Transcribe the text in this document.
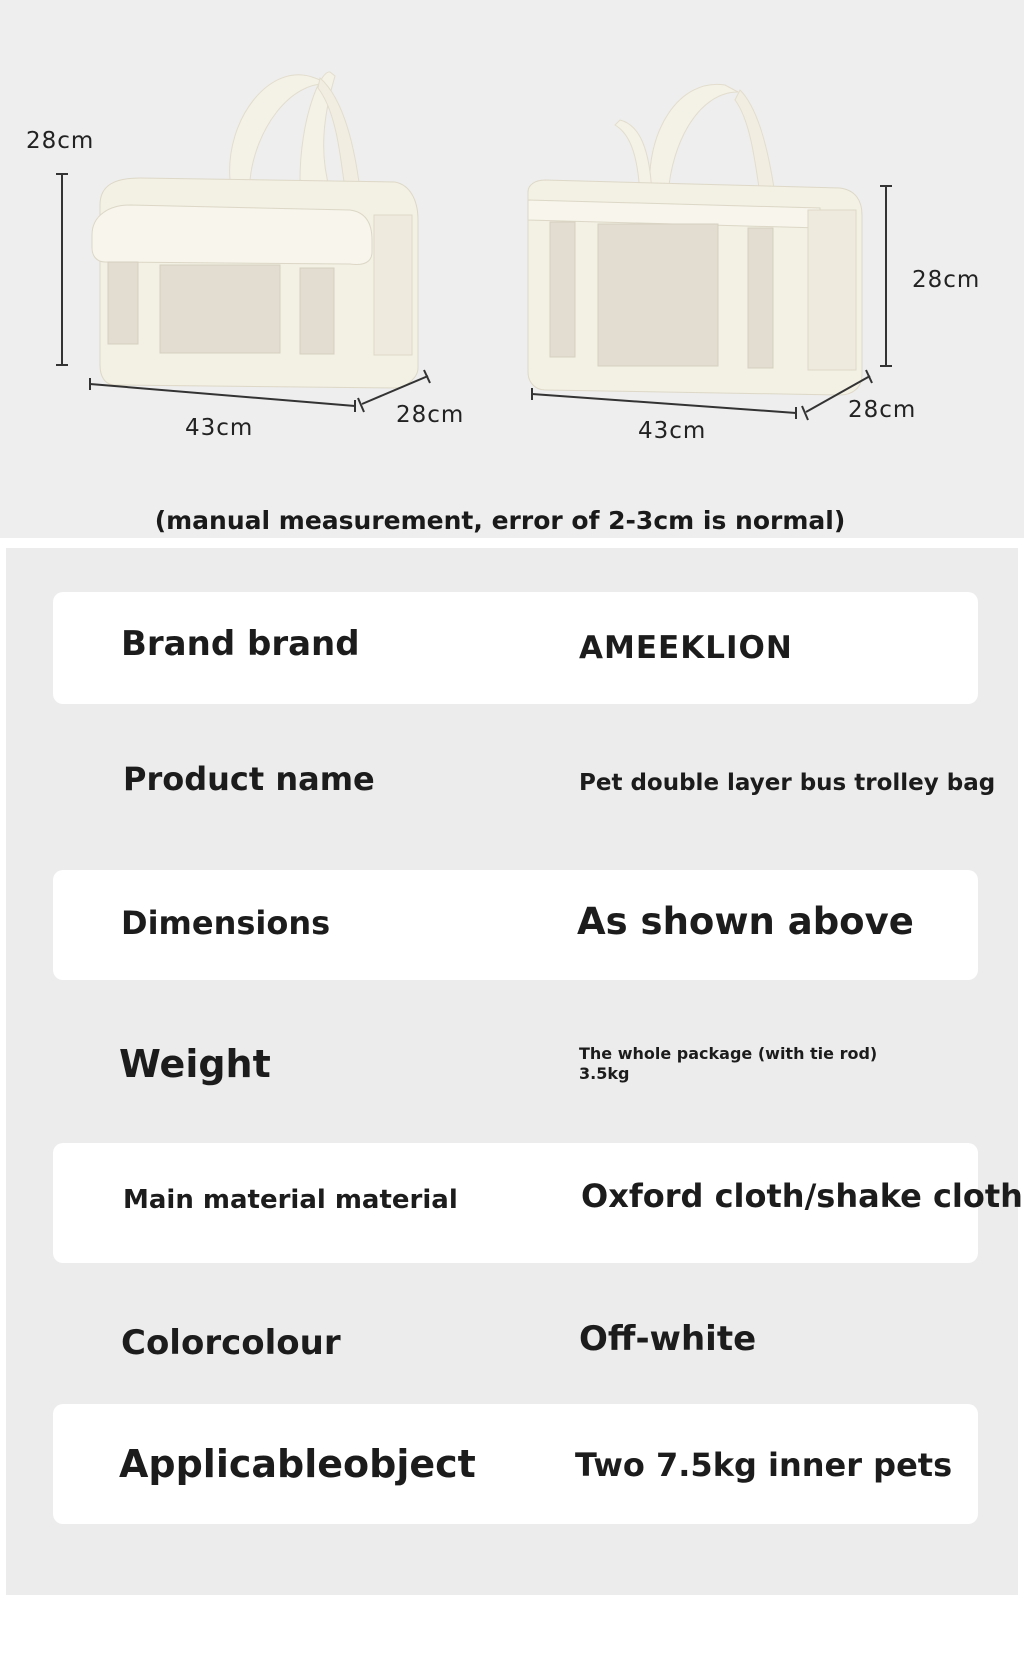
28cm
43cm	28cm
28cm
43cm
28cm
(manual measurement, error of 2-3cm is normal)
Brand brand	AMEEKLION
Product name	Pet double layer bus trolley bag
Dimensions	As shown above
Weight	The whole package (with tie rod)
3.5kg
Main material material	Oxford cloth/shake cloth
Colorcolour	Off-white
Applicableobject	Two 7.5kg inner pets
